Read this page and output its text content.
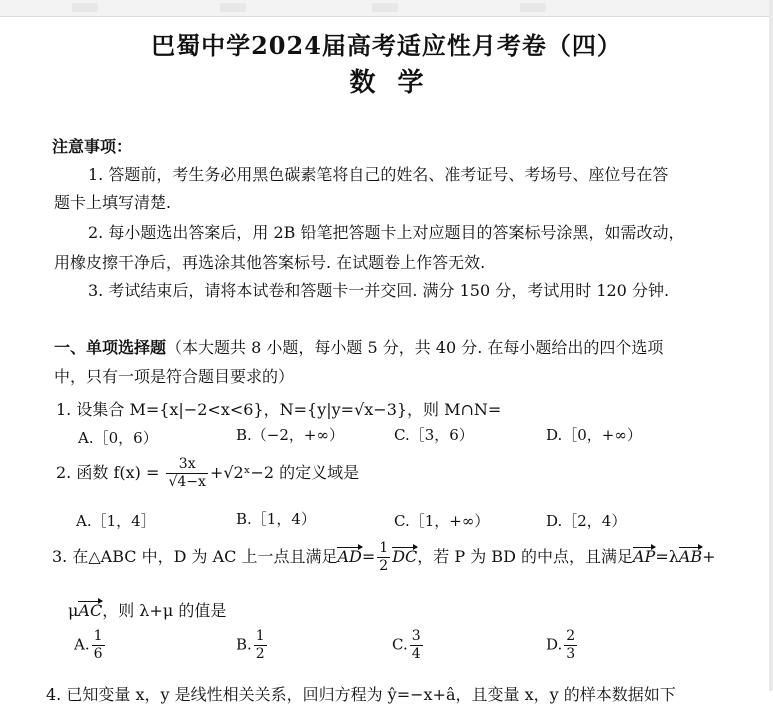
巴蜀中学2024届高考适应性月考卷（四）
数学
注意事项：
1. 答题前，考生务必用黑色碳素笔将自己的姓名、准考证号、考场号、座位号在答
题卡上填写清楚.
2. 每小题选出答案后，用 2B 铅笔把答题卡上对应题目的答案标号涂黑，如需改动，
用橡皮擦干净后，再选涂其他答案标号. 在试题卷上作答无效.
3. 考试结束后，请将本试卷和答题卡一并交回. 满分 150 分，考试用时 120 分钟.
一、单项选择题（本大题共 8 小题，每小题 5 分，共 40 分. 在每小题给出的四个选项
中，只有一项是符合题目要求的）
1. 设集合 M={x|−2<x<6}，N={y|y=√x−3}，则 M∩N=
A.［0，6）	B.（−2，+∞）	C.［3，6）	D.［0，+∞）
2. 函数 $f(x) = \frac{3x}{√4-x}$ +√2ˣ−2 的定义域是
A.［1，4］	B.［1，4）	C.［1，+∞）	D.［2，4）
3. 在△ABC 中，D 为 AC 上一点且满足$AD= \frac{1}{2}$ DC，若 P 为 BD 的中点，且满足AP=λAB+
μAC，则 λ+μ 的值是
A. $\frac{1}{6}$	B. $\frac{1}{2}$	C. $\frac{3}{4}$	D. $\frac{2}{3}$
4. 已知变量 x，y 是线性相关关系，回归方程为 ŷ=−x+â，且变量 x，y 的样本数据如下
